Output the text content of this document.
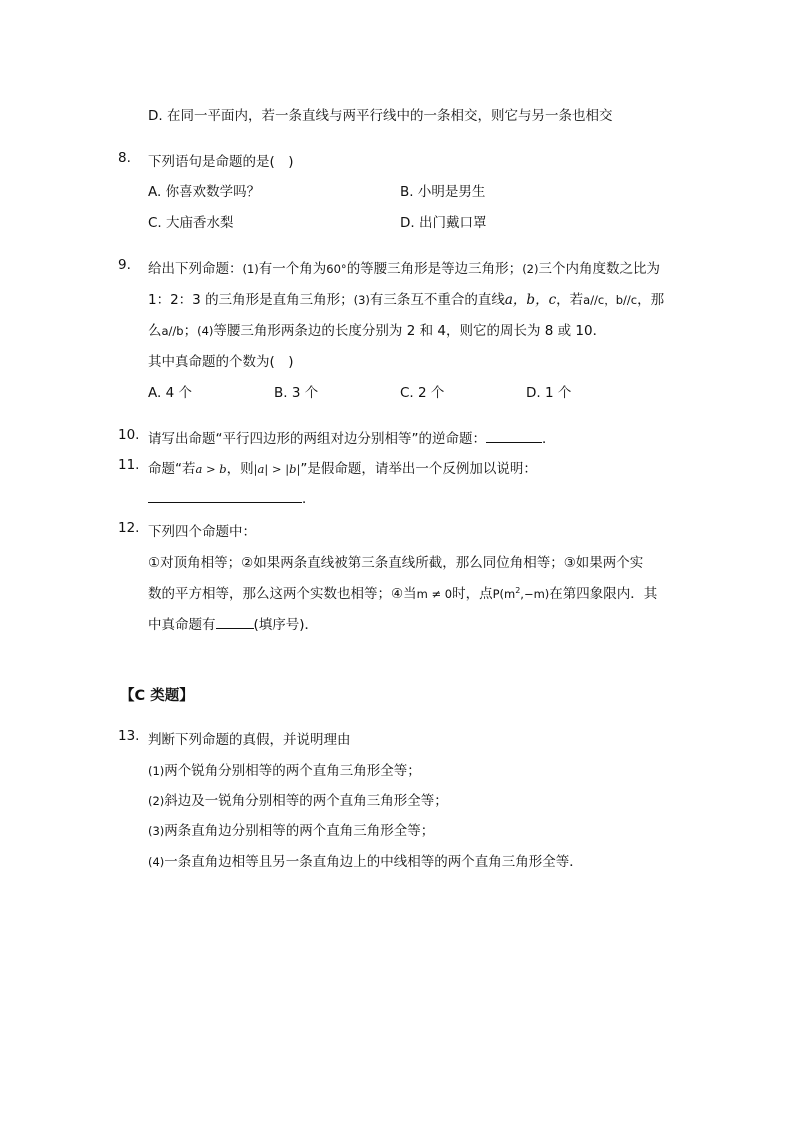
D. 在同一平面内，若一条直线与两平行线中的一条相交，则它与另一条也相交
8.	下列语句是命题的是(　)
A. 你喜欢数学吗？	B. 小明是男生
C. 大庙香水梨	D. 出门戴口罩
9.	给出下列命题：(1)有一个角为60°的等腰三角形是等边三角形；(2)三个内角度数之比为
1：2：3 的三角形是直角三角形；(3)有三条互不重合的直线a，b，c，若a//c，b//c，那
么a//b；(4)等腰三角形两条边的长度分别为 2 和 4，则它的周长为 8 或 10．
其中真命题的个数为(　)
A. 4 个	B. 3 个	C. 2 个	D. 1 个
10. 请写出命题“平行四边形的两组对边分别相等”的逆命题：	．
11. 命题“若a > b，则|a| > |b|”是假命题，请举出一个反例加以说明：
．
12. 下列四个命题中：
①对顶角相等；②如果两条直线被第三条直线所截，那么同位角相等；③如果两个实
数的平方相等，那么这两个实数也相等；④当m ≠ 0时，点$P(m^2,-m)$在第四象限内．其
中真命题有	(填序号)．
【C 类题】
13. 判断下列命题的真假，并说明理由
(1)两个锐角分别相等的两个直角三角形全等；
(2)斜边及一锐角分别相等的两个直角三角形全等；
(3)两条直角边分别相等的两个直角三角形全等；
(4)一条直角边相等且另一条直角边上的中线相等的两个直角三角形全等．
